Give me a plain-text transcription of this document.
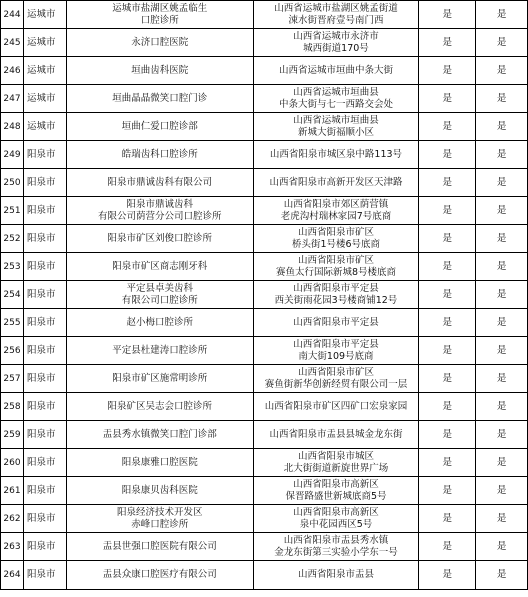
244	运城市	运城市盐湖区姚孟临生
口腔诊所	山西省运城市盐湖区姚孟街道
涑水街晋府壹号南门西	是	是
245	运城市	永济口腔医院	山西省运城市永济市
城西街道170号	是	是
246	运城市	垣曲齿科医院	山西省运城市垣曲中条大街	是	是
247	运城市	垣曲晶晶微笑口腔门诊	山西省运城市垣曲县
中条大街与七一西路交会处	是	是
248	运城市	垣曲仁爱口腔诊部	山西省运城市垣曲县
新城大街福顺小区	是	是
249	阳泉市	皓瑞齿科口腔诊所	山西省阳泉市城区泉中路113号	是	是
250	阳泉市	阳泉市鼎诚齿科有限公司	山西省阳泉市高新开发区天津路	是	是
251	阳泉市	阳泉市鼎诚齿科
有限公司荫营分公司口腔诊所	山西省阳泉市郊区荫营镇
老虎沟村瑞林家园7号底商	是	是
252	阳泉市	阳泉市矿区刘俊口腔诊所	山西省阳泉市矿区
桥头街1号楼6号底商	是	是
253	阳泉市	阳泉市矿区商志刚牙科	山西省阳泉市矿区
赛鱼太行国际新城8号楼底商	是	是
254	阳泉市	平定县卓美齿科
有限公司口腔诊所	山西省阳泉市平定县
西关街雨花园3号楼商铺12号	是	是
255	阳泉市	赵小梅口腔诊所	山西省阳泉市平定县	是	是
256	阳泉市	平定县杜建涛口腔诊所	山西省阳泉市平定县
南大街109号底商	是	是
257	阳泉市	阳泉市矿区施常明诊所	山西省阳泉市矿区
赛鱼街新华创新经贸有限公司一层	是	是
258	阳泉市	阳泉矿区吴志会口腔诊所	山西省阳泉市矿区四矿口宏泉家园	是	是
259	阳泉市	盂县秀水镇微笑口腔门诊部	山西省阳泉市盂县县城金龙东街	是	是
260	阳泉市	阳泉康雅口腔医院	山西省阳泉市城区
北大街街道新旋世界广场	是	是
261	阳泉市	阳泉康贝齿科医院	山西省阳泉市高新区
保晋路盛世新城底商5号	是	是
262	阳泉市	阳泉经济技术开发区
赤峰口腔诊所	山西省阳泉市高新区
泉中花园西区5号	是	是
263	阳泉市	盂县世强口腔医院有限公司	山西省阳泉市盂县秀水镇
金龙东街第三实验小学东一号	是	是
264	阳泉市	盂县众康口腔医疗有限公司	山西省阳泉市盂县	是	是
